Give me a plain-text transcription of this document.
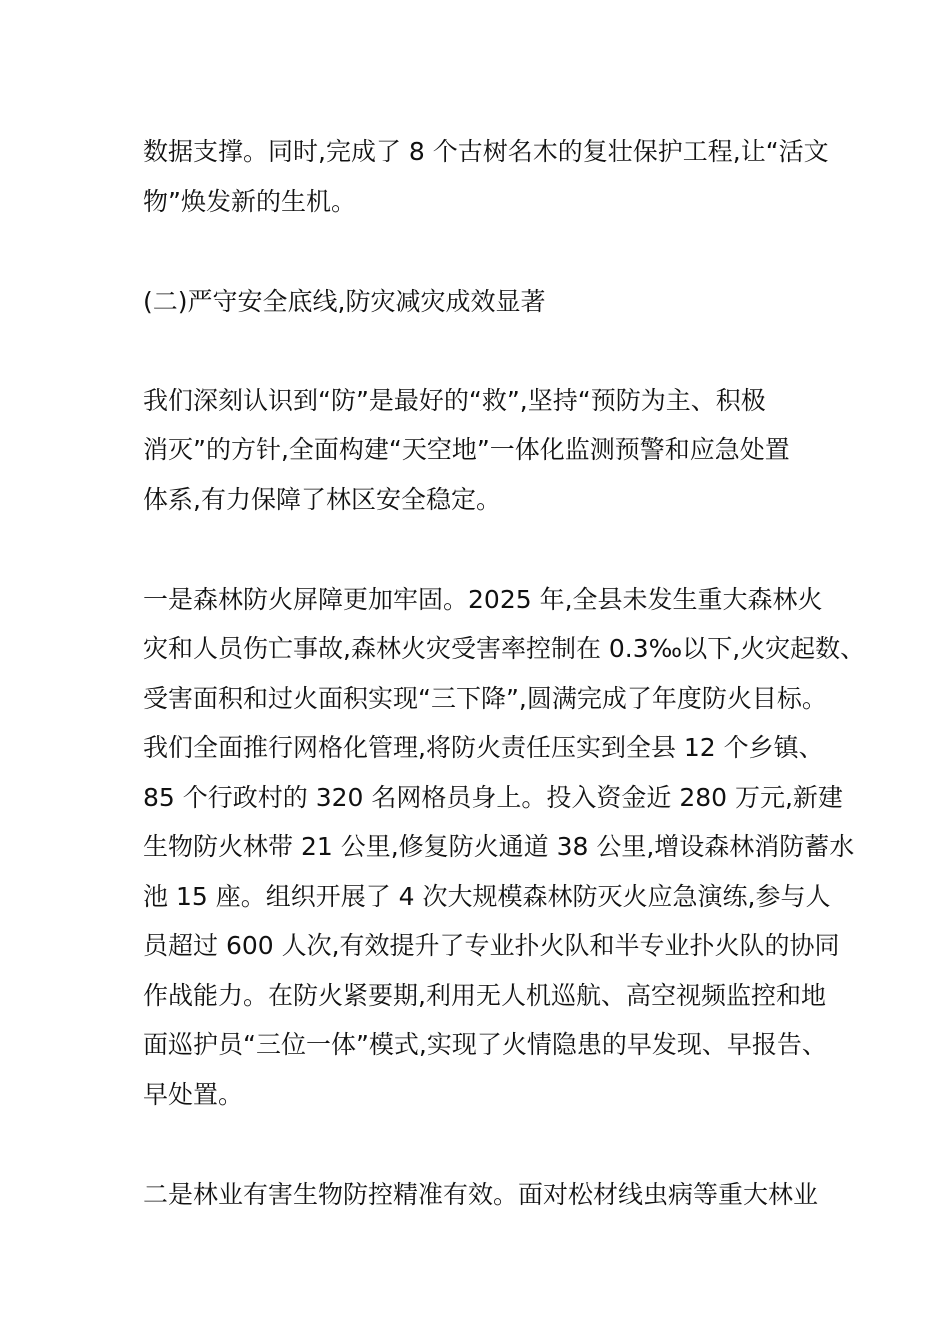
数据支撑。同时,完成了 8 个古树名木的复壮保护工程,让“活文
物”焕发新的生机。
(二)严守安全底线,防灾减灾成效显著
我们深刻认识到“防”是最好的“救”,坚持“预防为主、积极
消灭”的方针,全面构建“天空地”一体化监测预警和应急处置
体系,有力保障了林区安全稳定。
一是森林防火屏障更加牢固。2025 年,全县未发生重大森林火
灾和人员伤亡事故,森林火灾受害率控制在 0.3‰以下,火灾起数、
受害面积和过火面积实现“三下降”,圆满完成了年度防火目标。
我们全面推行网格化管理,将防火责任压实到全县 12 个乡镇、
85 个行政村的 320 名网格员身上。投入资金近 280 万元,新建
生物防火林带 21 公里,修复防火通道 38 公里,增设森林消防蓄水
池 15 座。组织开展了 4 次大规模森林防灭火应急演练,参与人
员超过 600 人次,有效提升了专业扑火队和半专业扑火队的协同
作战能力。在防火紧要期,利用无人机巡航、高空视频监控和地
面巡护员“三位一体”模式,实现了火情隐患的早发现、早报告、
早处置。
二是林业有害生物防控精准有效。面对松材线虫病等重大林业
